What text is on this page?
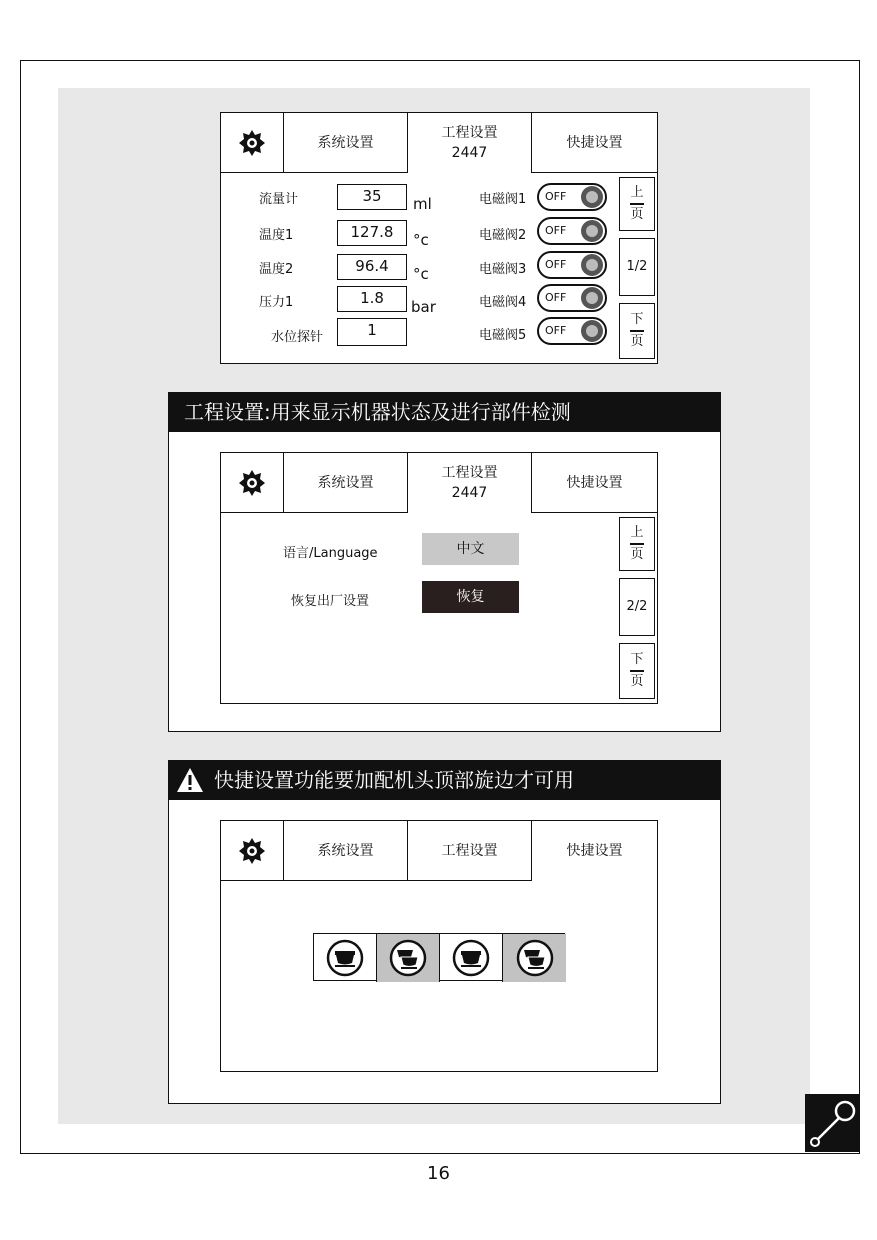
系统设置
工程设置
2447
快捷设置
流量计	35	ml
温度1	127.8	°c
温度2	96.4	°c
压力1	1.8	bar
水位探针	1
电磁阀1 OFF
电磁阀2 OFF
电磁阀3 OFF
电磁阀4 OFF
电磁阀5 OFF
上
页
1/2
下
页
工程设置:用来显示机器状态及进行部件检测
系统设置
工程设置
2447
快捷设置
语言/Language	中文
恢复出厂设置	恢复
上
页
2/2
下
页
快捷设置功能要加配机头顶部旋边才可用
系统设置	工程设置	快捷设置
16
